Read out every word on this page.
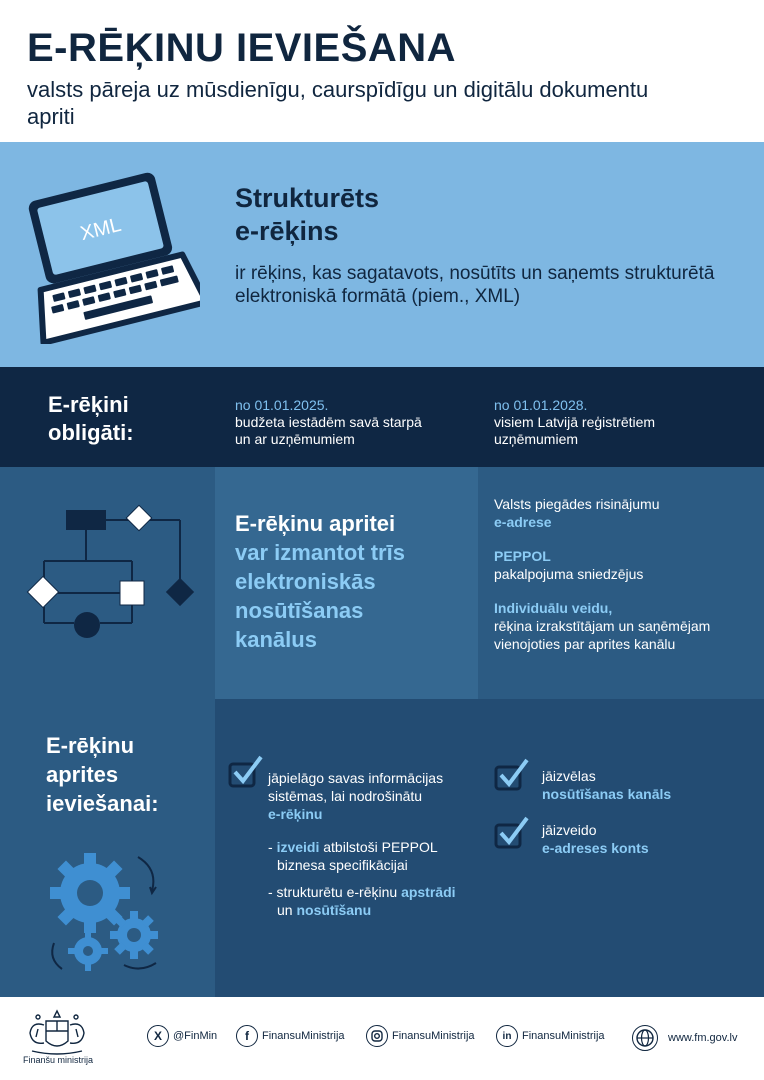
E-RĒĶINU IEVIEŠANA
valsts pāreja uz mūsdienīgu, caurspīdīgu un digitālu dokumentu apriti
XML
Strukturēts
e-rēķins
ir rēķins, kas sagatavots, nosūtīts un saņemts strukturētā elektroniskā formātā (piem., XML)
E-rēķini
obligāti:
no 01.01.2025.
budžeta iestādēm savā starpā
un ar uzņēmumiem
no 01.01.2028.
visiem Latvijā reģistrētiem
uzņēmumiem
E-rēķinu apritei
var izmantot trīs
elektroniskās
nosūtīšanas
kanālus
Valsts piegādes risinājumu
e-adrese
PEPPOL
pakalpojuma sniedzējus
Individuālu veidu,
rēķina izrakstītājam un saņēmējam vienojoties par aprites kanālu
E-rēķinu
aprites
ieviešanai:
jāpielāgo savas informācijas
sistēmas, lai nodrošinātu
e-rēķinu
- izveidi atbilstoši PEPPOL
biznesa specifikācijai
- strukturētu e-rēķinu apstrādi
un nosūtīšanu
jāizvēlas
nosūtīšanas kanāls
jāizveido
e-adreses konts
Finanšu ministrija
X	@FinMin	f	FinansuMinistrija	FinansuMinistrija	in FinansuMinistrija	www.fm.gov.lv
